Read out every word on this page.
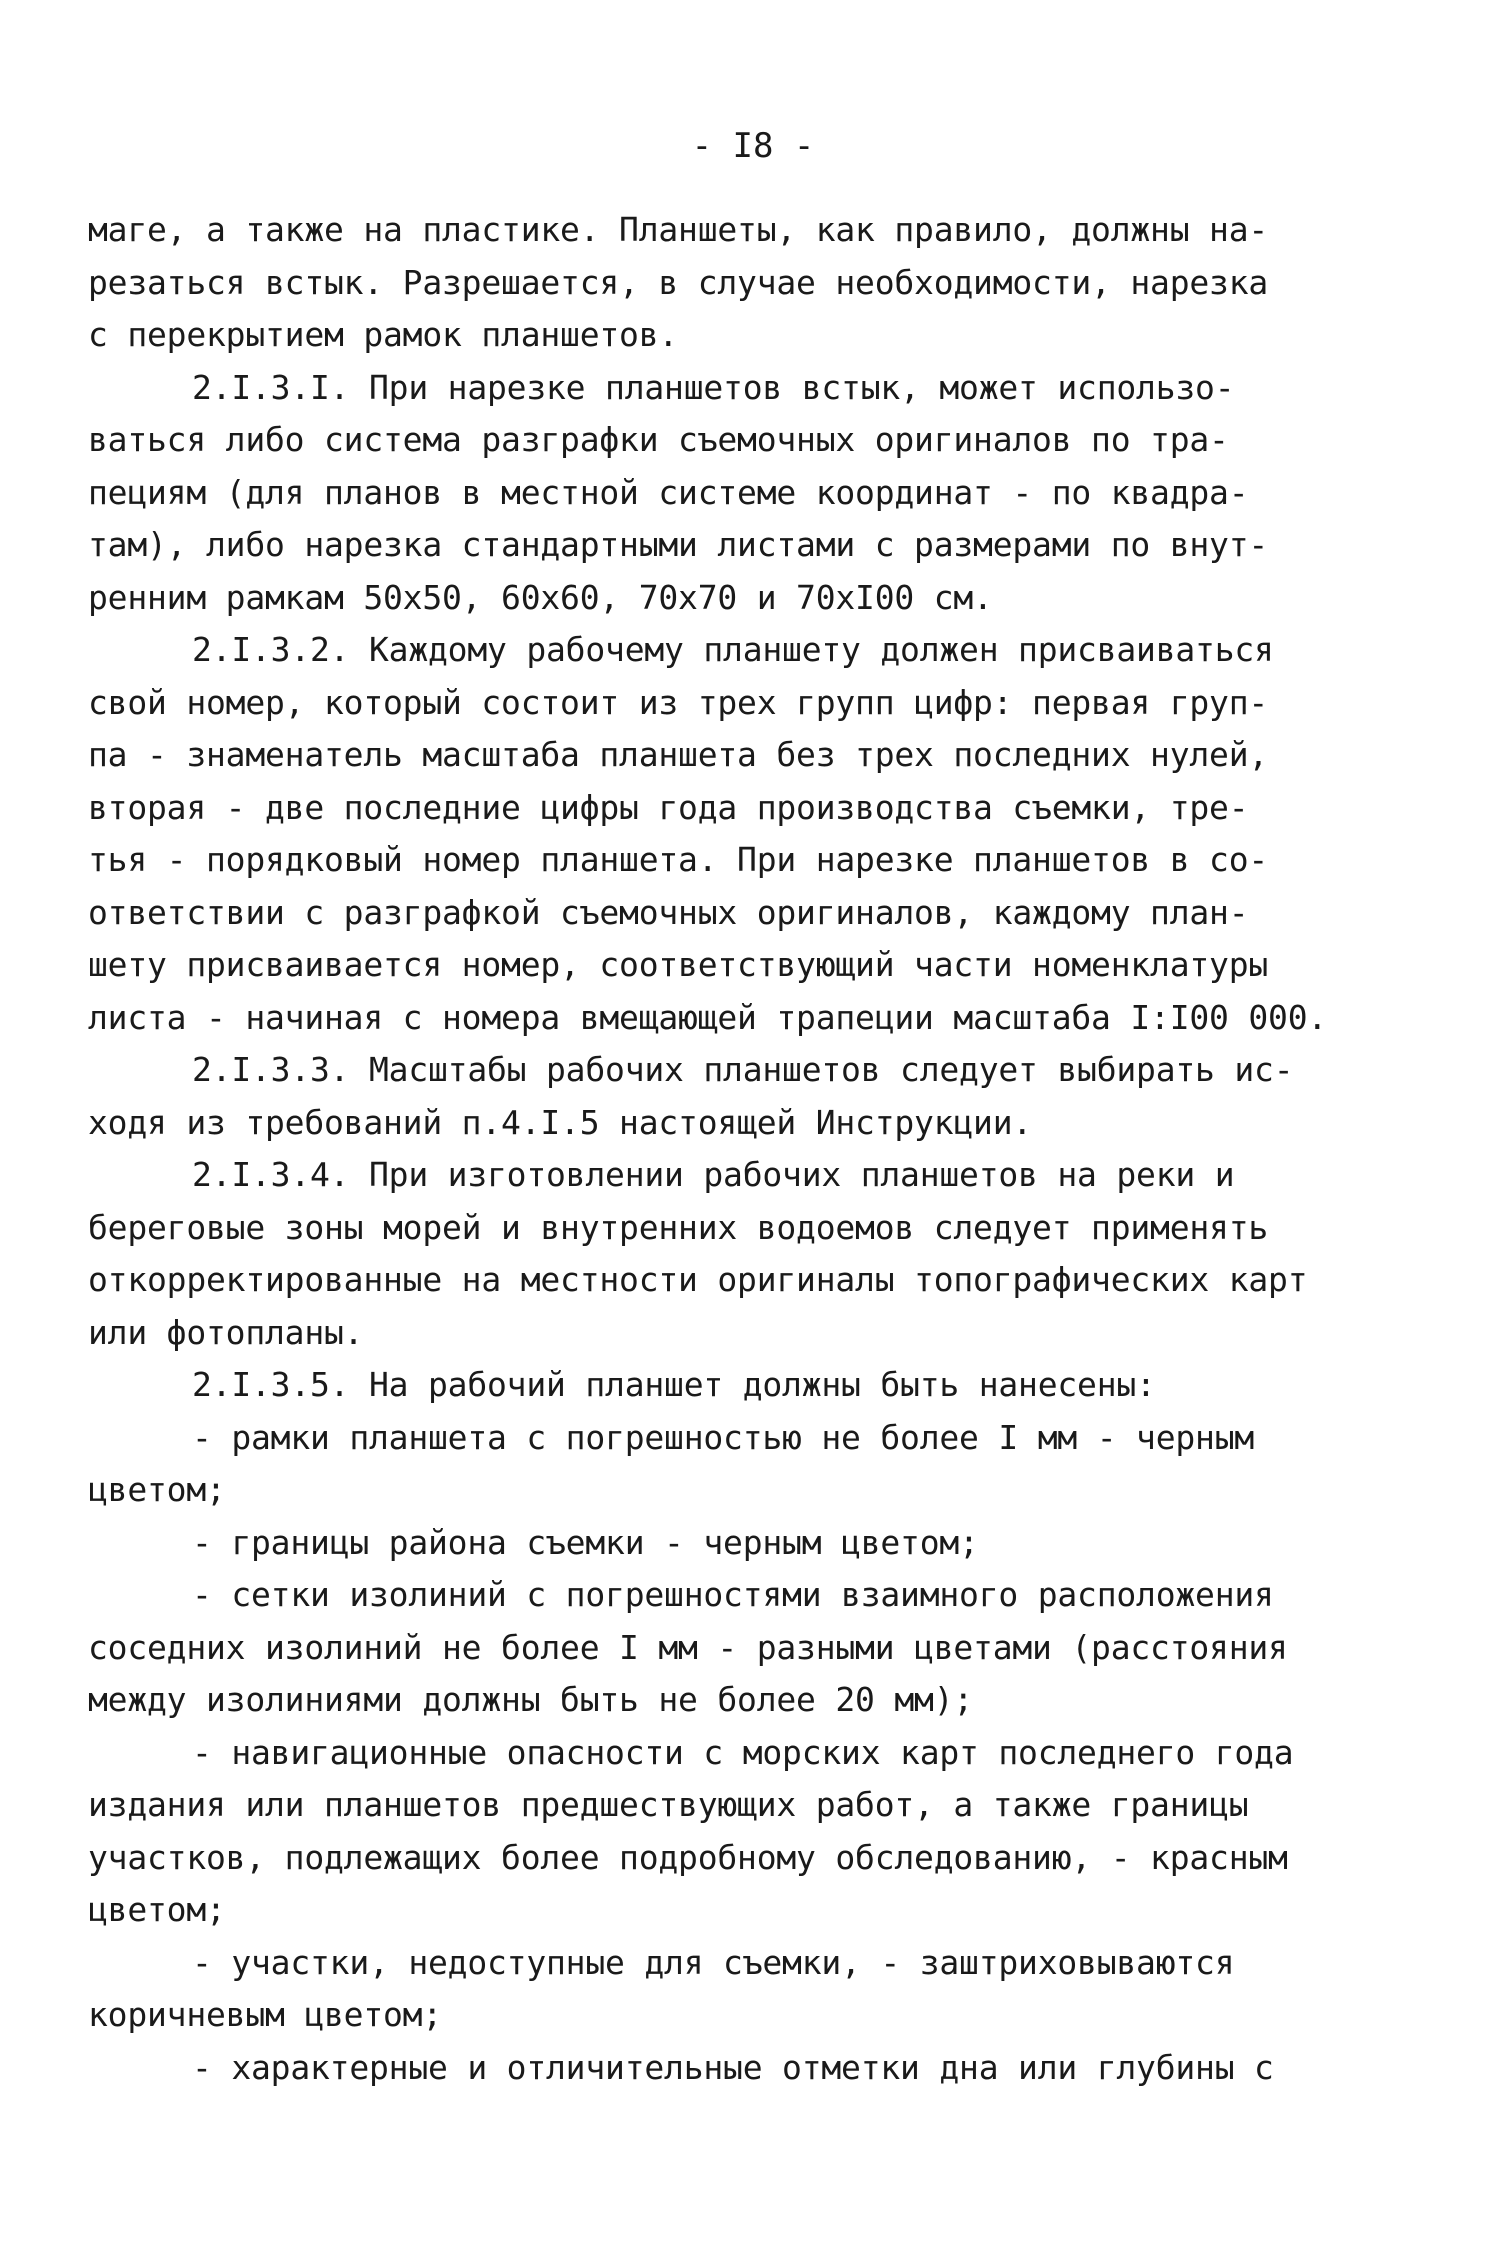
- I8 -
маге, а также на пластике. Планшеты, как правило, должны на-
резаться встык. Разрешается, в случае необходимости, нарезка
с перекрытием рамок планшетов.
2.I.3.I. При нарезке планшетов встык, может использо-
ваться либо система разграфки съемочных оригиналов по тра-
пециям (для планов в местной системе координат - по квадра-
там), либо нарезка стандартными листами с размерами по внут-
ренним рамкам 50х50, 60х60, 70х70 и 70хI00 см.
2.I.3.2. Каждому рабочему планшету должен присваиваться
свой номер, который состоит из трех групп цифр: первая груп-
па - знаменатель масштаба планшета без трех последних нулей,
вторая - две последние цифры года производства съемки, тре-
тья - порядковый номер планшета. При нарезке планшетов в со-
ответствии с разграфкой съемочных оригиналов, каждому план-
шету присваивается номер, соответствующий части номенклатуры
листа - начиная с номера вмещающей трапеции масштаба I:I00 000.
2.I.3.3. Масштабы рабочих планшетов следует выбирать ис-
ходя из требований п.4.I.5 настоящей Инструкции.
2.I.3.4. При изготовлении рабочих планшетов на реки и
береговые зоны морей и внутренних водоемов следует применять
откорректированные на местности оригиналы топографических карт
или фотопланы.
2.I.3.5. На рабочий планшет должны быть нанесены:
- рамки планшета с погрешностью не более I мм - черным
цветом;
- границы района съемки - черным цветом;
- сетки изолиний с погрешностями взаимного расположения
соседних изолиний не более I мм - разными цветами (расстояния
между изолиниями должны быть не более 20 мм);
- навигационные опасности с морских карт последнего года
издания или планшетов предшествующих работ, а также границы
участков, подлежащих более подробному обследованию, - красным
цветом;
- участки, недоступные для съемки, - заштриховываются
коричневым цветом;
- характерные и отличительные отметки дна или глубины с
